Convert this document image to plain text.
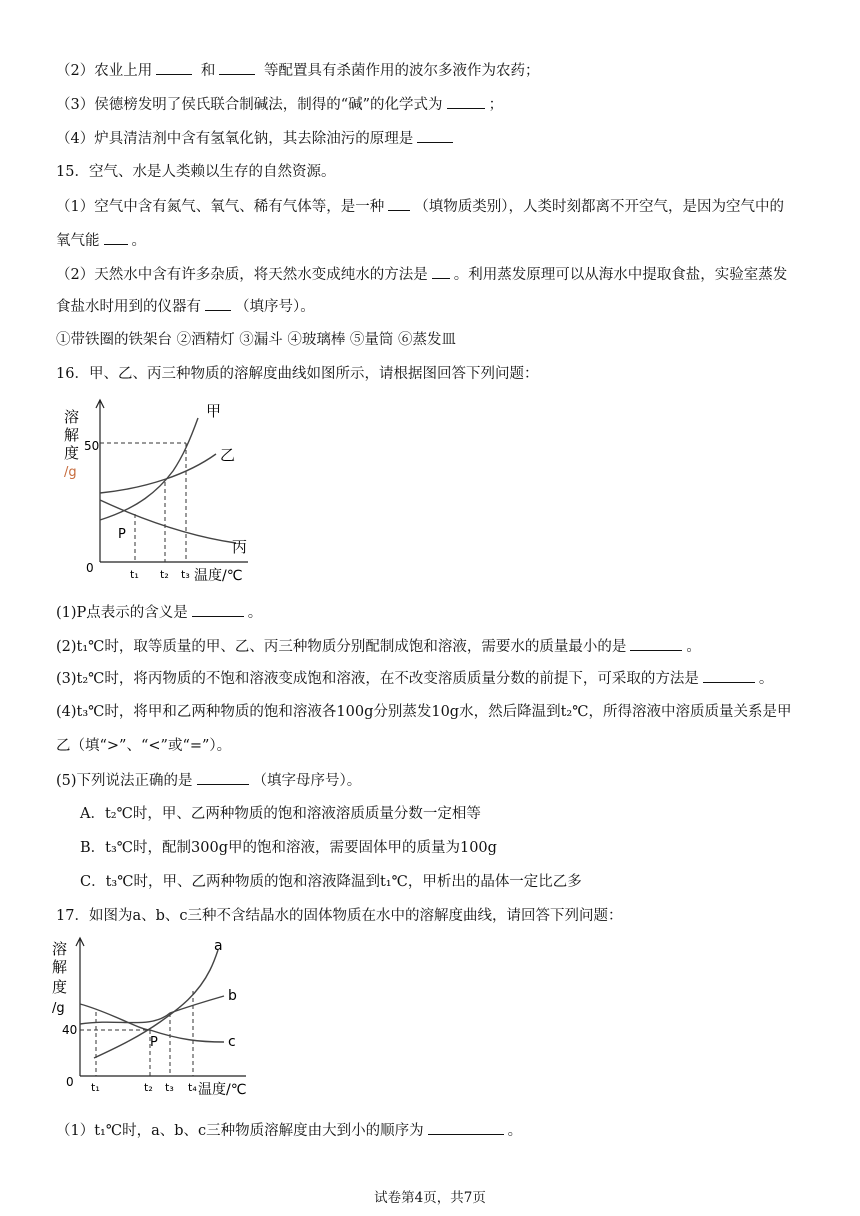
（2）农业上用	和	等配置具有杀菌作用的波尔多液作为农药；
（3）侯德榜发明了侯氏联合制碱法，制得的“碱”的化学式为	；
（4）炉具清洁剂中含有氢氧化钠，其去除油污的原理是
15．空气、水是人类赖以生存的自然资源。
（1）空气中含有氮气、氧气、稀有气体等，是一种 （填物质类别），人类时刻都离不开空气，是因为空气中的
氧气能 。
（2）天然水中含有许多杂质，将天然水变成纯水的方法是 。利用蒸发原理可以从海水中提取食盐，实验室蒸发
食盐水时用到的仪器有 （填序号）。
①带铁圈的铁架台 ②酒精灯 ③漏斗 ④玻璃棒 ⑤量筒 ⑥蒸发皿
16．甲、乙、丙三种物质的溶解度曲线如图所示，请根据图回答下列问题：
溶
解
度
/g
50
0
甲
乙
丙
P
t₁ t₂ t₃ 温度/℃
(1)P点表示的含义是	。
(2)t₁℃时，取等质量的甲、乙、丙三种物质分别配制成饱和溶液，需要水的质量最小的是	。
(3)t₂℃时，将丙物质的不饱和溶液变成饱和溶液，在不改变溶质质量分数的前提下，可采取的方法是	。
(4)t₃℃时，将甲和乙两种物质的饱和溶液各100g分别蒸发10g水，然后降温到t₂℃，所得溶液中溶质质量关系是甲
乙（填“>”、“<”或“=”）。
(5)下列说法正确的是	（填字母序号）。
A．t₂℃时，甲、乙两种物质的饱和溶液溶质质量分数一定相等
B．t₃℃时，配制300g甲的饱和溶液，需要固体甲的质量为100g
C．t₃℃时，甲、乙两种物质的饱和溶液降温到t₁℃，甲析出的晶体一定比乙多
17．如图为a、b、c三种不含结晶水的固体物质在水中的溶解度曲线，请回答下列问题：
溶
解
度
/g
40
0
a
b
c
P
t₁	t₂ t₃ t₄ 温度/℃
（1）t₁℃时，a、b、c三种物质溶解度由大到小的顺序为	。
试卷第4页，共7页
